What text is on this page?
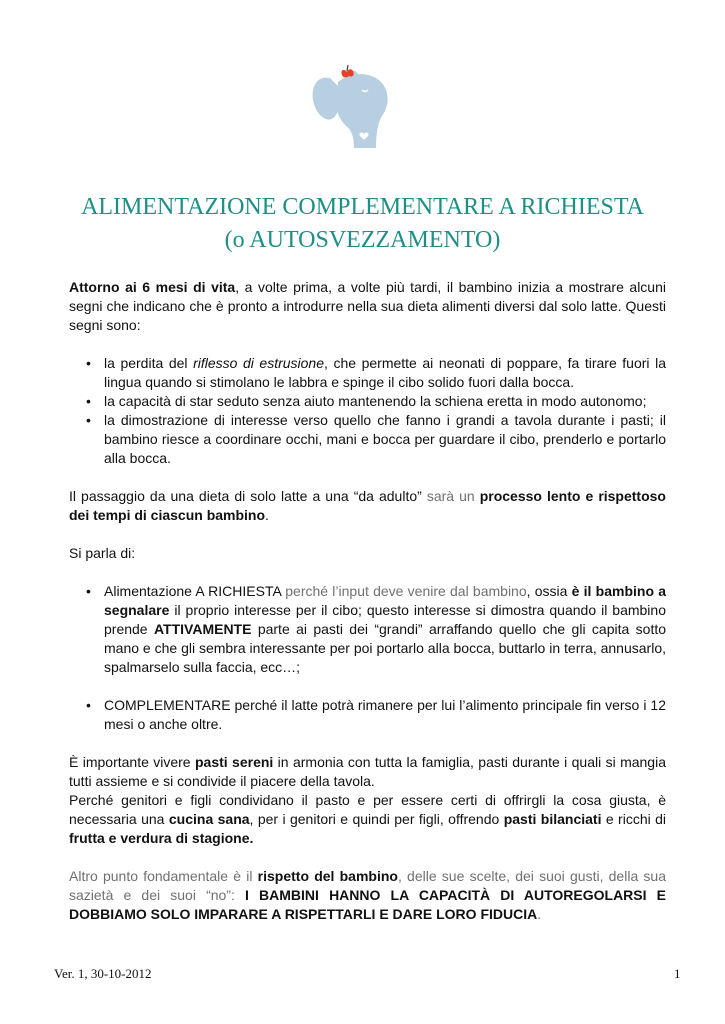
ALIMENTAZIONE COMPLEMENTARE A RICHIESTA
(o AUTOSVEZZAMENTO)

Attorno ai 6 mesi di vita, a volte prima, a volte più tardi, il bambino inizia a mostrare alcuni segni che indicano che è pronto a introdurre nella sua dieta alimenti diversi dal solo latte. Questi segni sono:

• la perdita del riflesso di estrusione, che permette ai neonati di poppare, fa tirare fuori la lingua quando si stimolano le labbra e spinge il cibo solido fuori dalla bocca.
• la capacità di star seduto senza aiuto mantenendo la schiena eretta in modo autonomo;
• la dimostrazione di interesse verso quello che fanno i grandi a tavola durante i pasti; il bambino riesce a coordinare occhi, mani e bocca per guardare il cibo, prenderlo e portarlo alla bocca.

Il passaggio da una dieta di solo latte a una “da adulto” sarà un processo lento e rispettoso dei tempi di ciascun bambino.

Si parla di:

• Alimentazione A RICHIESTA perché l’input deve venire dal bambino, ossia è il bambino a segnalare il proprio interesse per il cibo; questo interesse si dimostra quando il bambino prende ATTIVAMENTE parte ai pasti dei “grandi” arraffando quello che gli capita sotto mano e che gli sembra interessante per poi portarlo alla bocca, buttarlo in terra, annusarlo, spalmarselo sulla faccia, ecc…;
• COMPLEMENTARE perché il latte potrà rimanere per lui l’alimento principale fin verso i 12 mesi o anche oltre.

È importante vivere pasti sereni in armonia con tutta la famiglia, pasti durante i quali si mangia tutti assieme e si condivide il piacere della tavola.

Perché genitori e figli condividano il pasto e per essere certi di offrirgli la cosa giusta, è necessaria una cucina sana, per i genitori e quindi per figli, offrendo pasti bilanciati e ricchi di frutta e verdura di stagione.

Altro punto fondamentale è il rispetto del bambino, delle sue scelte, dei suoi gusti, della sua sazietà e dei suoi “no”: I BAMBINI HANNO LA CAPACITÀ DI AUTOREGOLARSI E DOBBIAMO SOLO IMPARARE A RISPETTARLI E DARE LORO FIDUCIA.

Ver. 1, 30-10-2012	1
